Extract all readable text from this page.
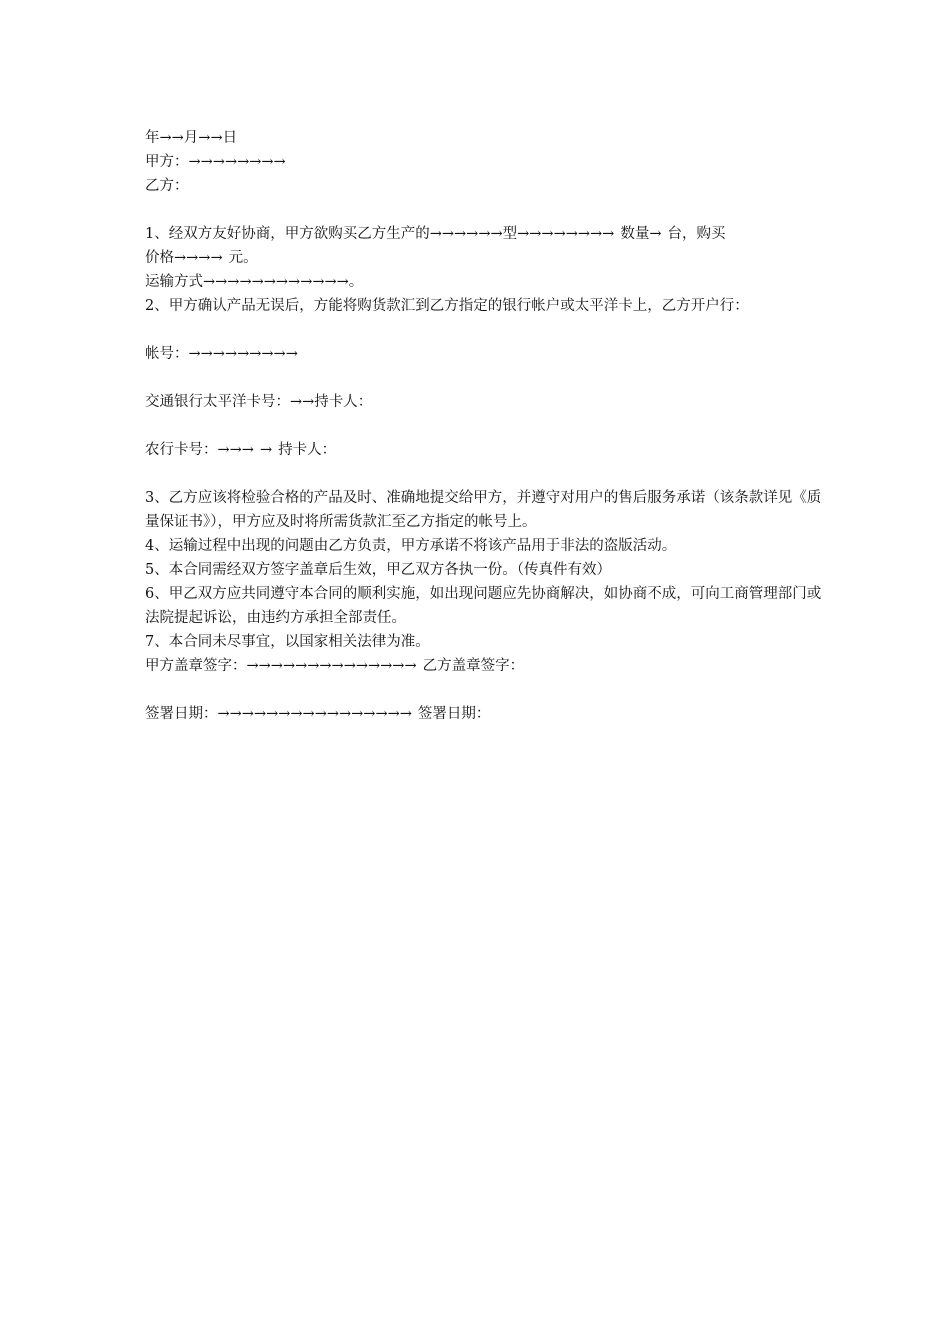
年→→月→→日
甲方：→→→→→→→→
乙方：
1、经双方友好协商，甲方欲购买乙方生产的→→→→→→型→→→→→→→→ 数量→ 台，购买
价格→→→→ 元。
运输方式→→→→→→→→→→→→。
2、甲方确认产品无误后，方能将购货款汇到乙方指定的银行帐户或太平洋卡上，乙方开户行：
帐号：→→→→→→→→→
交通银行太平洋卡号：→→持卡人：
农行卡号：→→→ → 持卡人：
3、乙方应该将检验合格的产品及时、准确地提交给甲方，并遵守对用户的售后服务承诺（该条款详见《质量保证书》），甲方应及时将所需货款汇至乙方指定的帐号上。
4、运输过程中出现的问题由乙方负责，甲方承诺不将该产品用于非法的盗版活动。
5、本合同需经双方签字盖章后生效，甲乙双方各执一份。（传真件有效）
6、甲乙双方应共同遵守本合同的顺利实施，如出现问题应先协商解决，如协商不成，可向工商管理部门或法院提起诉讼，由违约方承担全部责任。
7、本合同未尽事宜，以国家相关法律为准。
甲方盖章签字：→→→→→→→→→→→→→→ 乙方盖章签字：
签署日期：→→→→→→→→→→→→→→→→ 签署日期：
